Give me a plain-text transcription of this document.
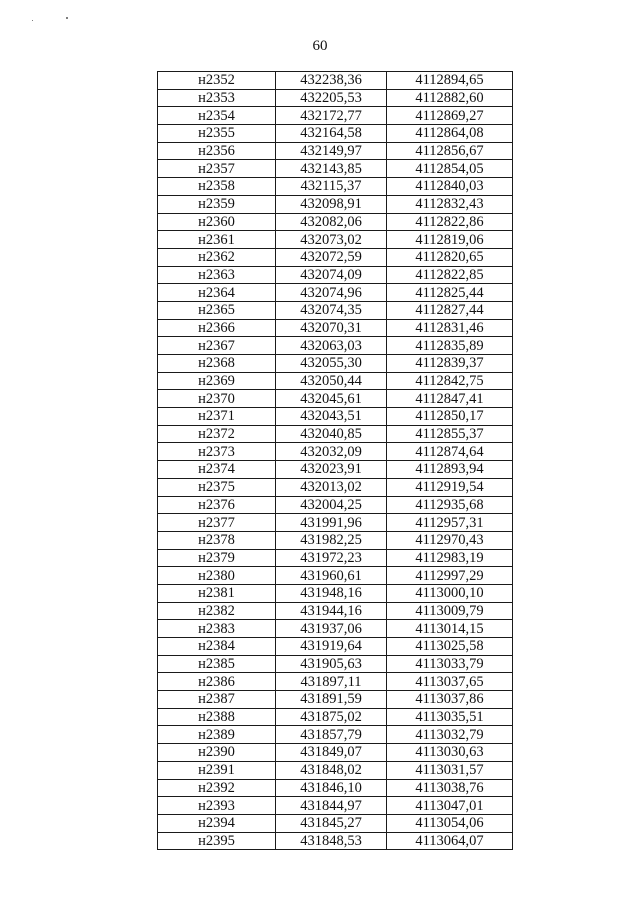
60
н2352	432238,36	4112894,65
н2353	432205,53	4112882,60
н2354	432172,77	4112869,27
н2355	432164,58	4112864,08
н2356	432149,97	4112856,67
н2357	432143,85	4112854,05
н2358	432115,37	4112840,03
н2359	432098,91	4112832,43
н2360	432082,06	4112822,86
н2361	432073,02	4112819,06
н2362	432072,59	4112820,65
н2363	432074,09	4112822,85
н2364	432074,96	4112825,44
н2365	432074,35	4112827,44
н2366	432070,31	4112831,46
н2367	432063,03	4112835,89
н2368	432055,30	4112839,37
н2369	432050,44	4112842,75
н2370	432045,61	4112847,41
н2371	432043,51	4112850,17
н2372	432040,85	4112855,37
н2373	432032,09	4112874,64
н2374	432023,91	4112893,94
н2375	432013,02	4112919,54
н2376	432004,25	4112935,68
н2377	431991,96	4112957,31
н2378	431982,25	4112970,43
н2379	431972,23	4112983,19
н2380	431960,61	4112997,29
н2381	431948,16	4113000,10
н2382	431944,16	4113009,79
н2383	431937,06	4113014,15
н2384	431919,64	4113025,58
н2385	431905,63	4113033,79
н2386	431897,11	4113037,65
н2387	431891,59	4113037,86
н2388	431875,02	4113035,51
н2389	431857,79	4113032,79
н2390	431849,07	4113030,63
н2391	431848,02	4113031,57
н2392	431846,10	4113038,76
н2393	431844,97	4113047,01
н2394	431845,27	4113054,06
н2395	431848,53	4113064,07
